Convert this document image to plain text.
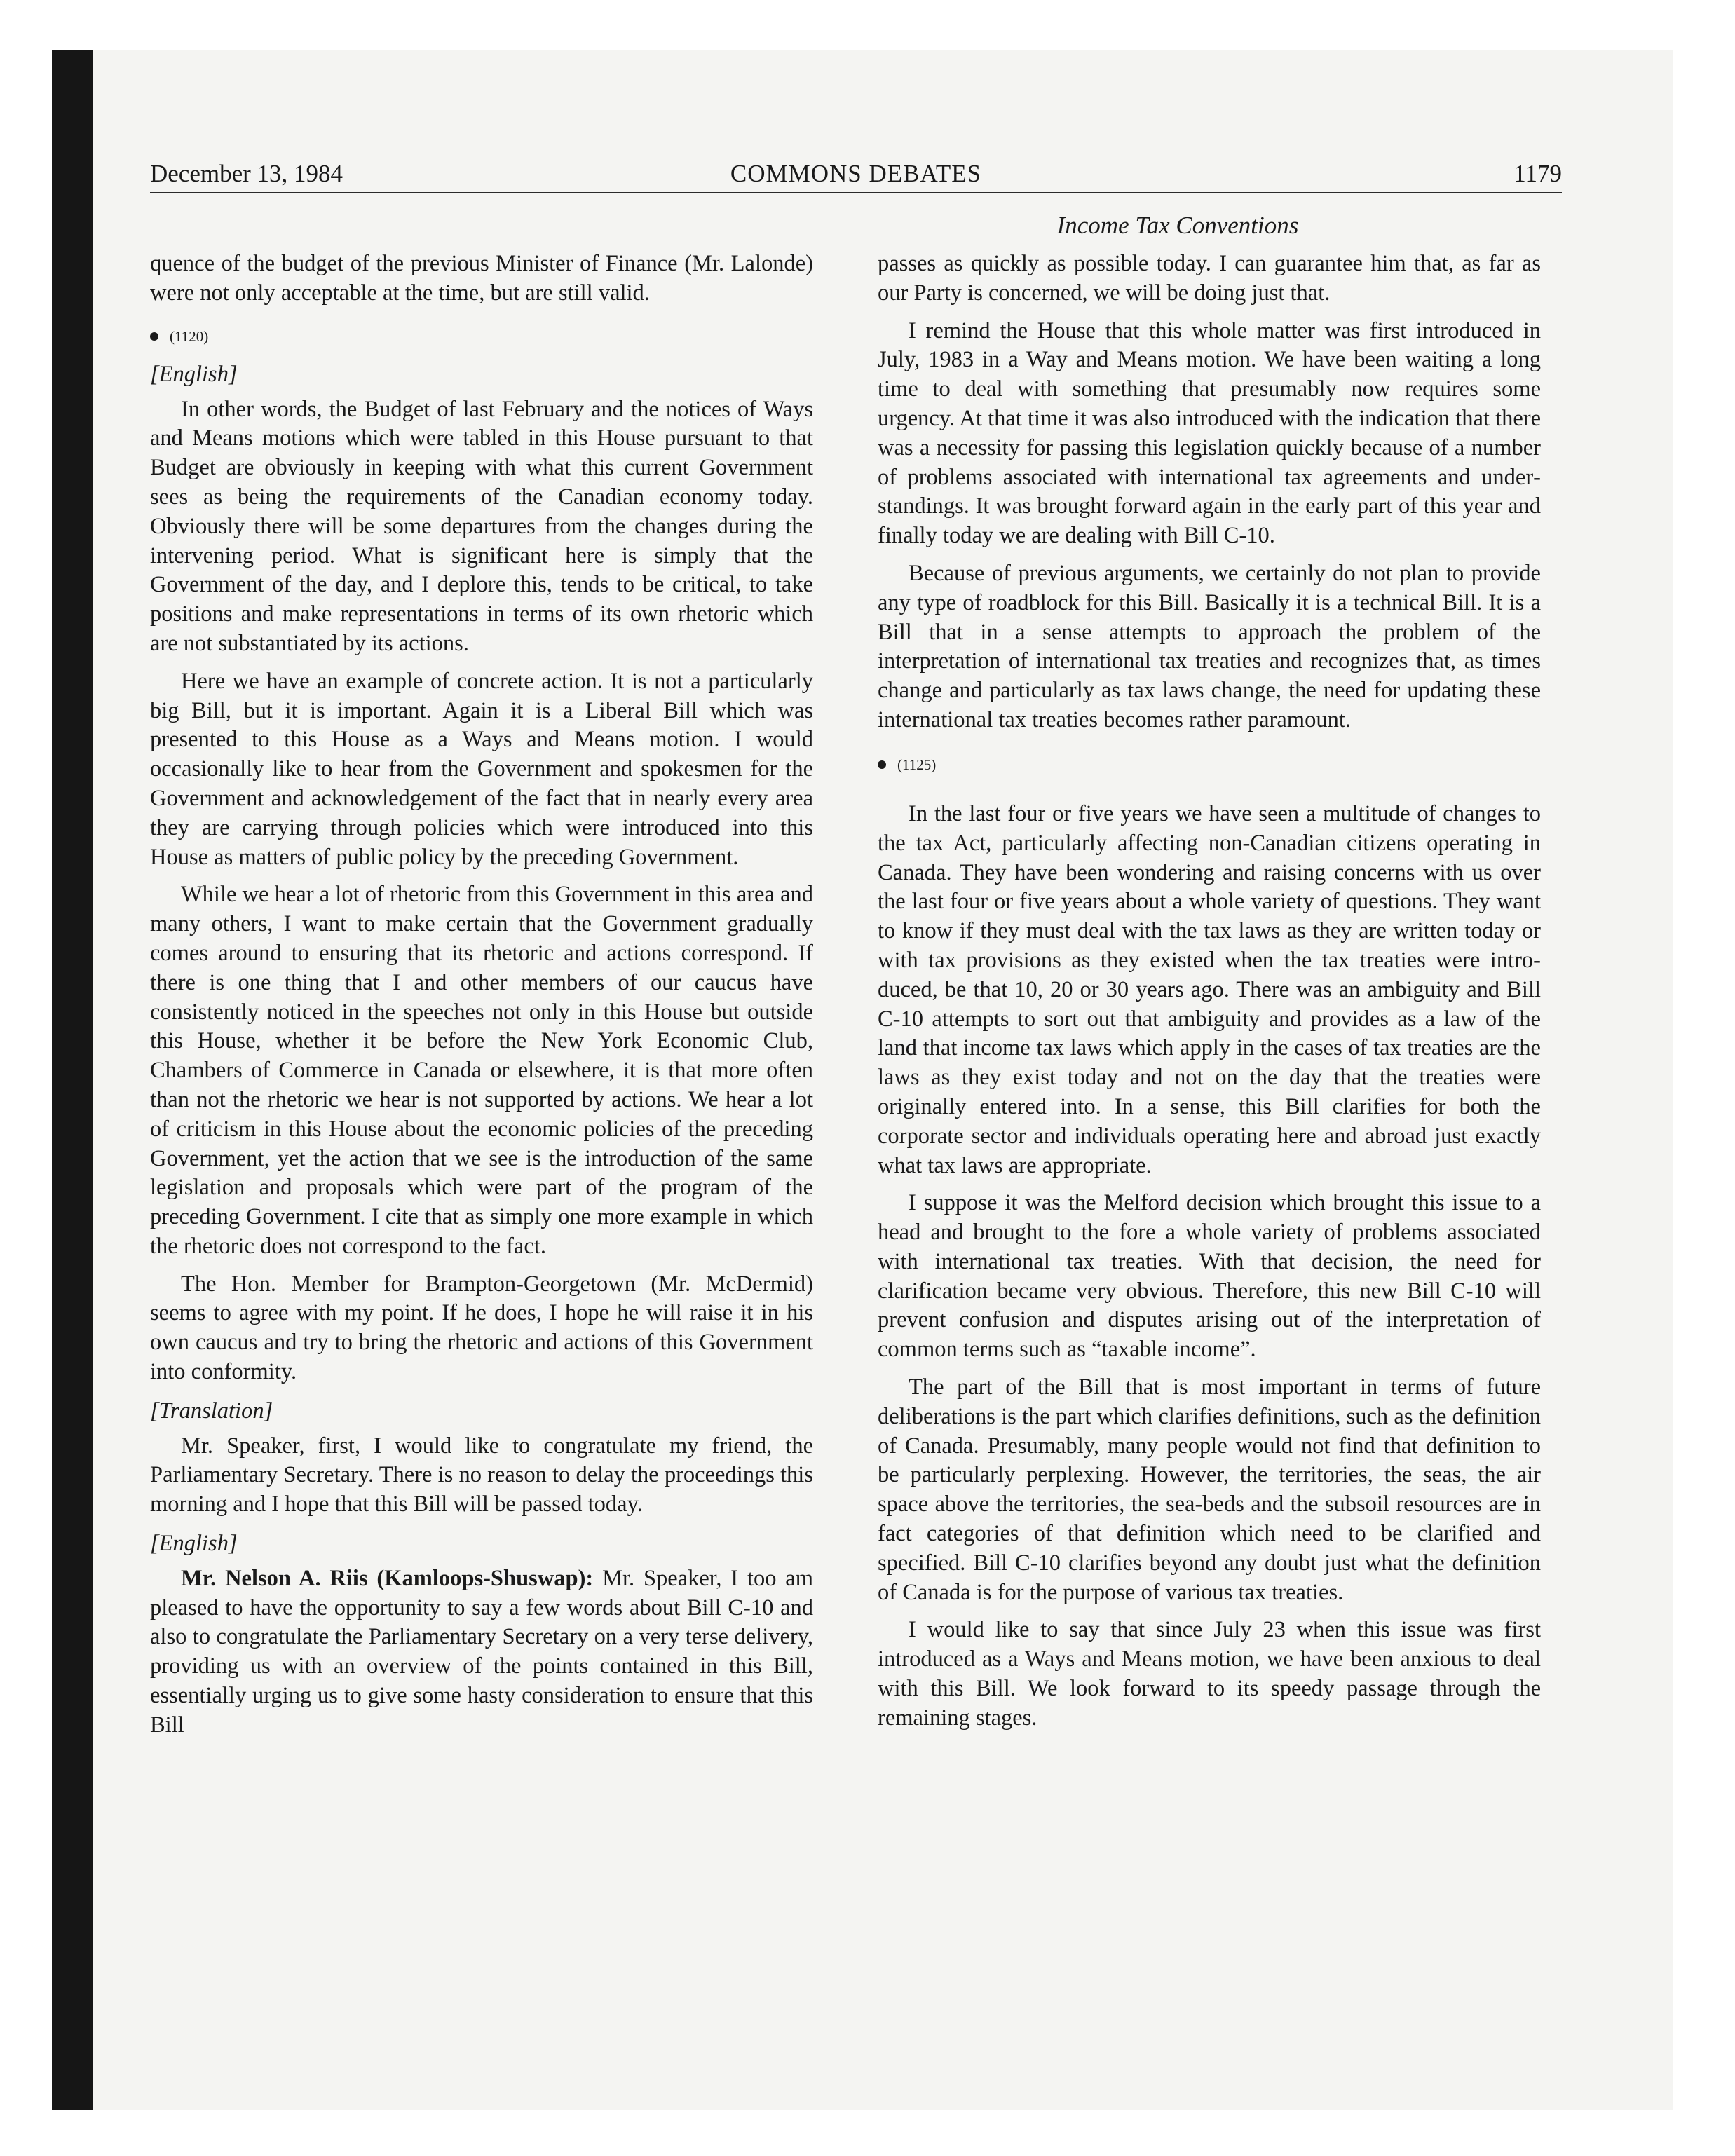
December 13, 1984	COMMONS DEBATES	1179
Income Tax Conventions

quence of the budget of the previous Minister of Finance (Mr. Lalonde) were not only acceptable at the time, but are still valid.

(1120)

[English]

In other words, the Budget of last February and the notices of Ways and Means motions which were tabled in this House pursuant to that Budget are obviously in keeping with what this current Government sees as being the requirements of the Canadian economy today. Obviously there will be some departures from the changes during the intervening period. What is significant here is simply that the Government of the day, and I deplore this, tends to be critical, to take positions and make representations in terms of its own rhetoric which are not substantiated by its actions.

Here we have an example of concrete action. It is not a particularly big Bill, but it is important. Again it is a Liberal Bill which was presented to this House as a Ways and Means motion. I would occasionally like to hear from the Government and spokesmen for the Government and acknowledgement of the fact that in nearly every area they are carrying through policies which were introduced into this House as matters of public policy by the preceding Government.

While we hear a lot of rhetoric from this Government in this area and many others, I want to make certain that the Government gradually comes around to ensuring that its rhetoric and actions correspond. If there is one thing that I and other members of our caucus have consistently noticed in the speeches not only in this House but outside this House, whether it be before the New York Economic Club, Chambers of Commerce in Canada or elsewhere, it is that more often than not the rhetoric we hear is not supported by actions. We hear a lot of criticism in this House about the economic policies of the preceding Government, yet the action that we see is the introduction of the same legislation and proposals which were part of the program of the preceding Government. I cite that as simply one more example in which the rhetoric does not correspond to the fact.

The Hon. Member for Brampton-Georgetown (Mr. McDermid) seems to agree with my point. If he does, I hope he will raise it in his own caucus and try to bring the rhetoric and actions of this Government into conformity.

[Translation]

Mr. Speaker, first, I would like to congratulate my friend, the Parliamentary Secretary. There is no reason to delay the proceedings this morning and I hope that this Bill will be passed today.

[English]

Mr. Nelson A. Riis (Kamloops-Shuswap): Mr. Speaker, I too am pleased to have the opportunity to say a few words about Bill C-10 and also to congratulate the Parliamentary Secretary on a very terse delivery, providing us with an overview of the points contained in this Bill, essentially urging us to give some hasty consideration to ensure that this Bill

passes as quickly as possible today. I can guarantee him that, as far as our Party is concerned, we will be doing just that.

I remind the House that this whole matter was first introduced in July, 1983 in a Way and Means motion. We have been waiting a long time to deal with something that presumably now requires some urgency. At that time it was also introduced with the indication that there was a necessity for passing this legislation quickly because of a number of problems associated with international tax agreements and understandings. It was brought forward again in the early part of this year and finally today we are dealing with Bill C-10.

Because of previous arguments, we certainly do not plan to provide any type of roadblock for this Bill. Basically it is a technical Bill. It is a Bill that in a sense attempts to approach the problem of the interpretation of international tax treaties and recognizes that, as times change and particularly as tax laws change, the need for updating these international tax treaties becomes rather paramount.

(1125)

In the last four or five years we have seen a multitude of changes to the tax Act, particularly affecting non-Canadian citizens operating in Canada. They have been wondering and raising concerns with us over the last four or five years about a whole variety of questions. They want to know if they must deal with the tax laws as they are written today or with tax provisions as they existed when the tax treaties were introduced, be that 10, 20 or 30 years ago. There was an ambiguity and Bill C-10 attempts to sort out that ambiguity and provides as a law of the land that income tax laws which apply in the cases of tax treaties are the laws as they exist today and not on the day that the treaties were originally entered into. In a sense, this Bill clarifies for both the corporate sector and individuals operating here and abroad just exactly what tax laws are appropriate.

I suppose it was the Melford decision which brought this issue to a head and brought to the fore a whole variety of problems associated with international tax treaties. With that decision, the need for clarification became very obvious. Therefore, this new Bill C-10 will prevent confusion and disputes arising out of the interpretation of common terms such as “taxable income”.

The part of the Bill that is most important in terms of future deliberations is the part which clarifies definitions, such as the definition of Canada. Presumably, many people would not find that definition to be particularly perplexing. However, the territories, the seas, the air space above the territories, the sea-beds and the subsoil resources are in fact categories of that definition which need to be clarified and specified. Bill C-10 clarifies beyond any doubt just what the definition of Canada is for the purpose of various tax treaties.

I would like to say that since July 23 when this issue was first introduced as a Ways and Means motion, we have been anxious to deal with this Bill. We look forward to its speedy passage through the remaining stages.
